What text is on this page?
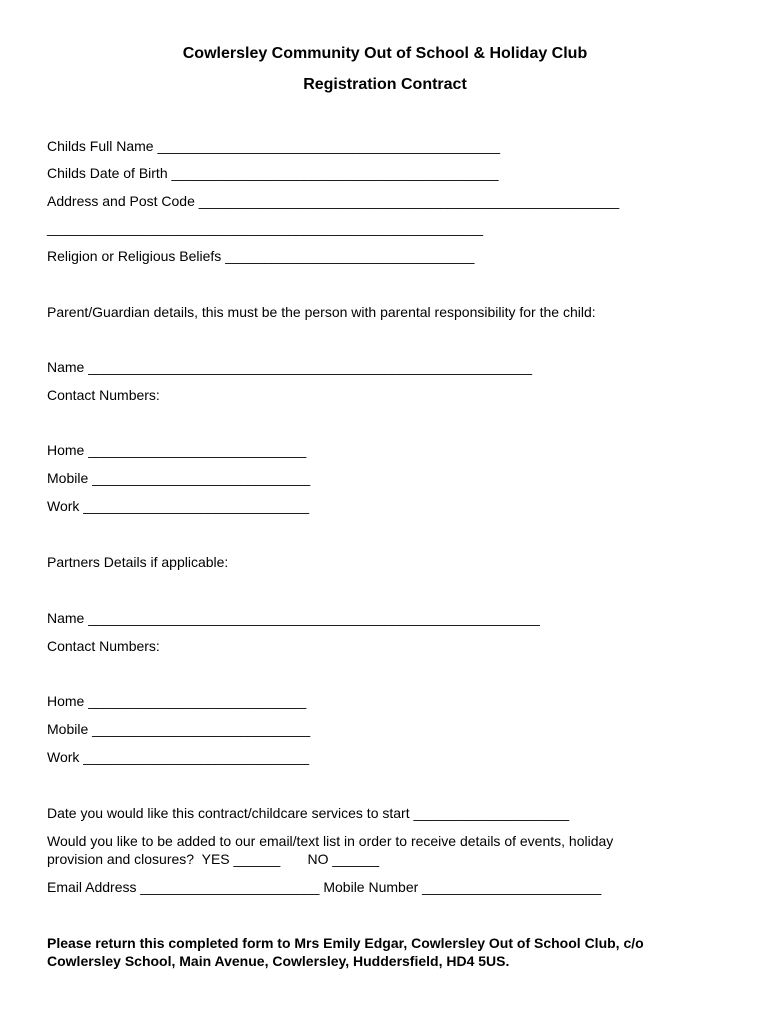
Cowlersley Community Out of School & Holiday Club
Registration Contract
Childs Full Name ____________________________________________
Childs Date of Birth __________________________________________
Address and Post Code ______________________________________________________
________________________________________________________
Religion or Religious Beliefs ________________________________
Parent/Guardian details, this must be the person with parental responsibility for the child:
Name _________________________________________________________
Contact Numbers:
Home ____________________________
Mobile ____________________________
Work _____________________________
Partners Details if applicable:
Name __________________________________________________________
Contact Numbers:
Home ____________________________
Mobile ____________________________
Work _____________________________
Date you would like this contract/childcare services to start ____________________
Would you like to be added to our email/text list in order to receive details of events, holiday
provision and closures?  YES ______       NO ______
Email Address _______________________ Mobile Number _______________________
Please return this completed form to Mrs Emily Edgar, Cowlersley Out of School Club, c/o
Cowlersley School, Main Avenue, Cowlersley, Huddersfield, HD4 5US.
